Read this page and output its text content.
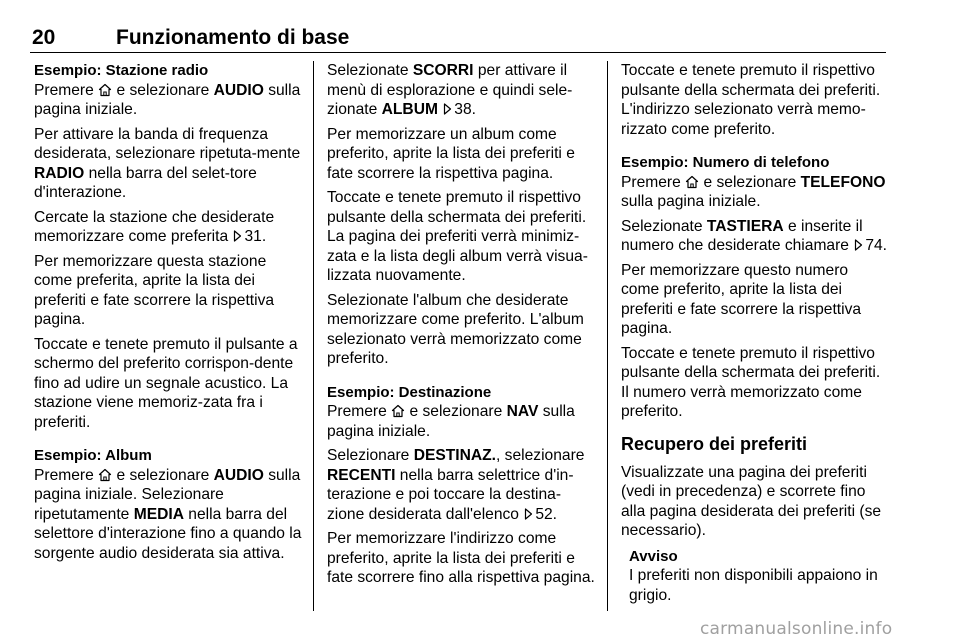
20	Funzionamento di base
Esempio: Stazione radio

Premere e selezionare AUDIO sulla pagina iniziale.

Per attivare la banda di frequenza desiderata, selezionare ripetuta-mente RADIO nella barra del selet-tore d'interazione.

Cercate la stazione che desiderate memorizzare come preferita 31.

Per memorizzare questa stazione come preferita, aprite la lista dei preferiti e fate scorrere la rispettiva pagina.

Toccate e tenete premuto il pulsante a schermo del preferito corrispon-dente fino ad udire un segnale acustico. La stazione viene memoriz-zata fra i preferiti.

Esempio: Album

Premere e selezionare AUDIO sulla pagina iniziale. Selezionare ripetutamente MEDIA nella barra del selettore d'interazione fino a quando la sorgente audio desiderata sia attiva.

Selezionate SCORRI per attivare il menù di esplorazione e quindi sele-zionate ALBUM 38.

Per memorizzare un album come preferito, aprite la lista dei preferiti e fate scorrere la rispettiva pagina.

Toccate e tenete premuto il rispettivo pulsante della schermata dei preferiti. La pagina dei preferiti verrà minimiz-zata e la lista degli album verrà visua-lizzata nuovamente.

Selezionate l'album che desiderate memorizzare come preferito. L'album selezionato verrà memorizzato come preferito.

Esempio: Destinazione

Premere e selezionare NAV sulla pagina iniziale.

Selezionare DESTINAZ., selezionare RECENTI nella barra selettrice d'in-terazione e poi toccare la destina-zione desiderata dall'elenco 52.

Per memorizzare l'indirizzo come preferito, aprite la lista dei preferiti e fate scorrere fino alla rispettiva pagina.

Toccate e tenete premuto il rispettivo pulsante della schermata dei preferiti. L'indirizzo selezionato verrà memo-rizzato come preferito.

Esempio: Numero di telefono

Premere e selezionare TELEFONO sulla pagina iniziale.

Selezionate TASTIERA e inserite il numero che desiderate chiamare 74.

Per memorizzare questo numero come preferito, aprite la lista dei preferiti e fate scorrere la rispettiva pagina.

Toccate e tenete premuto il rispettivo pulsante della schermata dei preferiti. Il numero verrà memorizzato come preferito.

Recupero dei preferiti

Visualizzate una pagina dei preferiti (vedi in precedenza) e scorrete fino alla pagina desiderata dei preferiti (se necessario).

Avviso
I preferiti non disponibili appaiono in grigio.
carmanualsonline.info
